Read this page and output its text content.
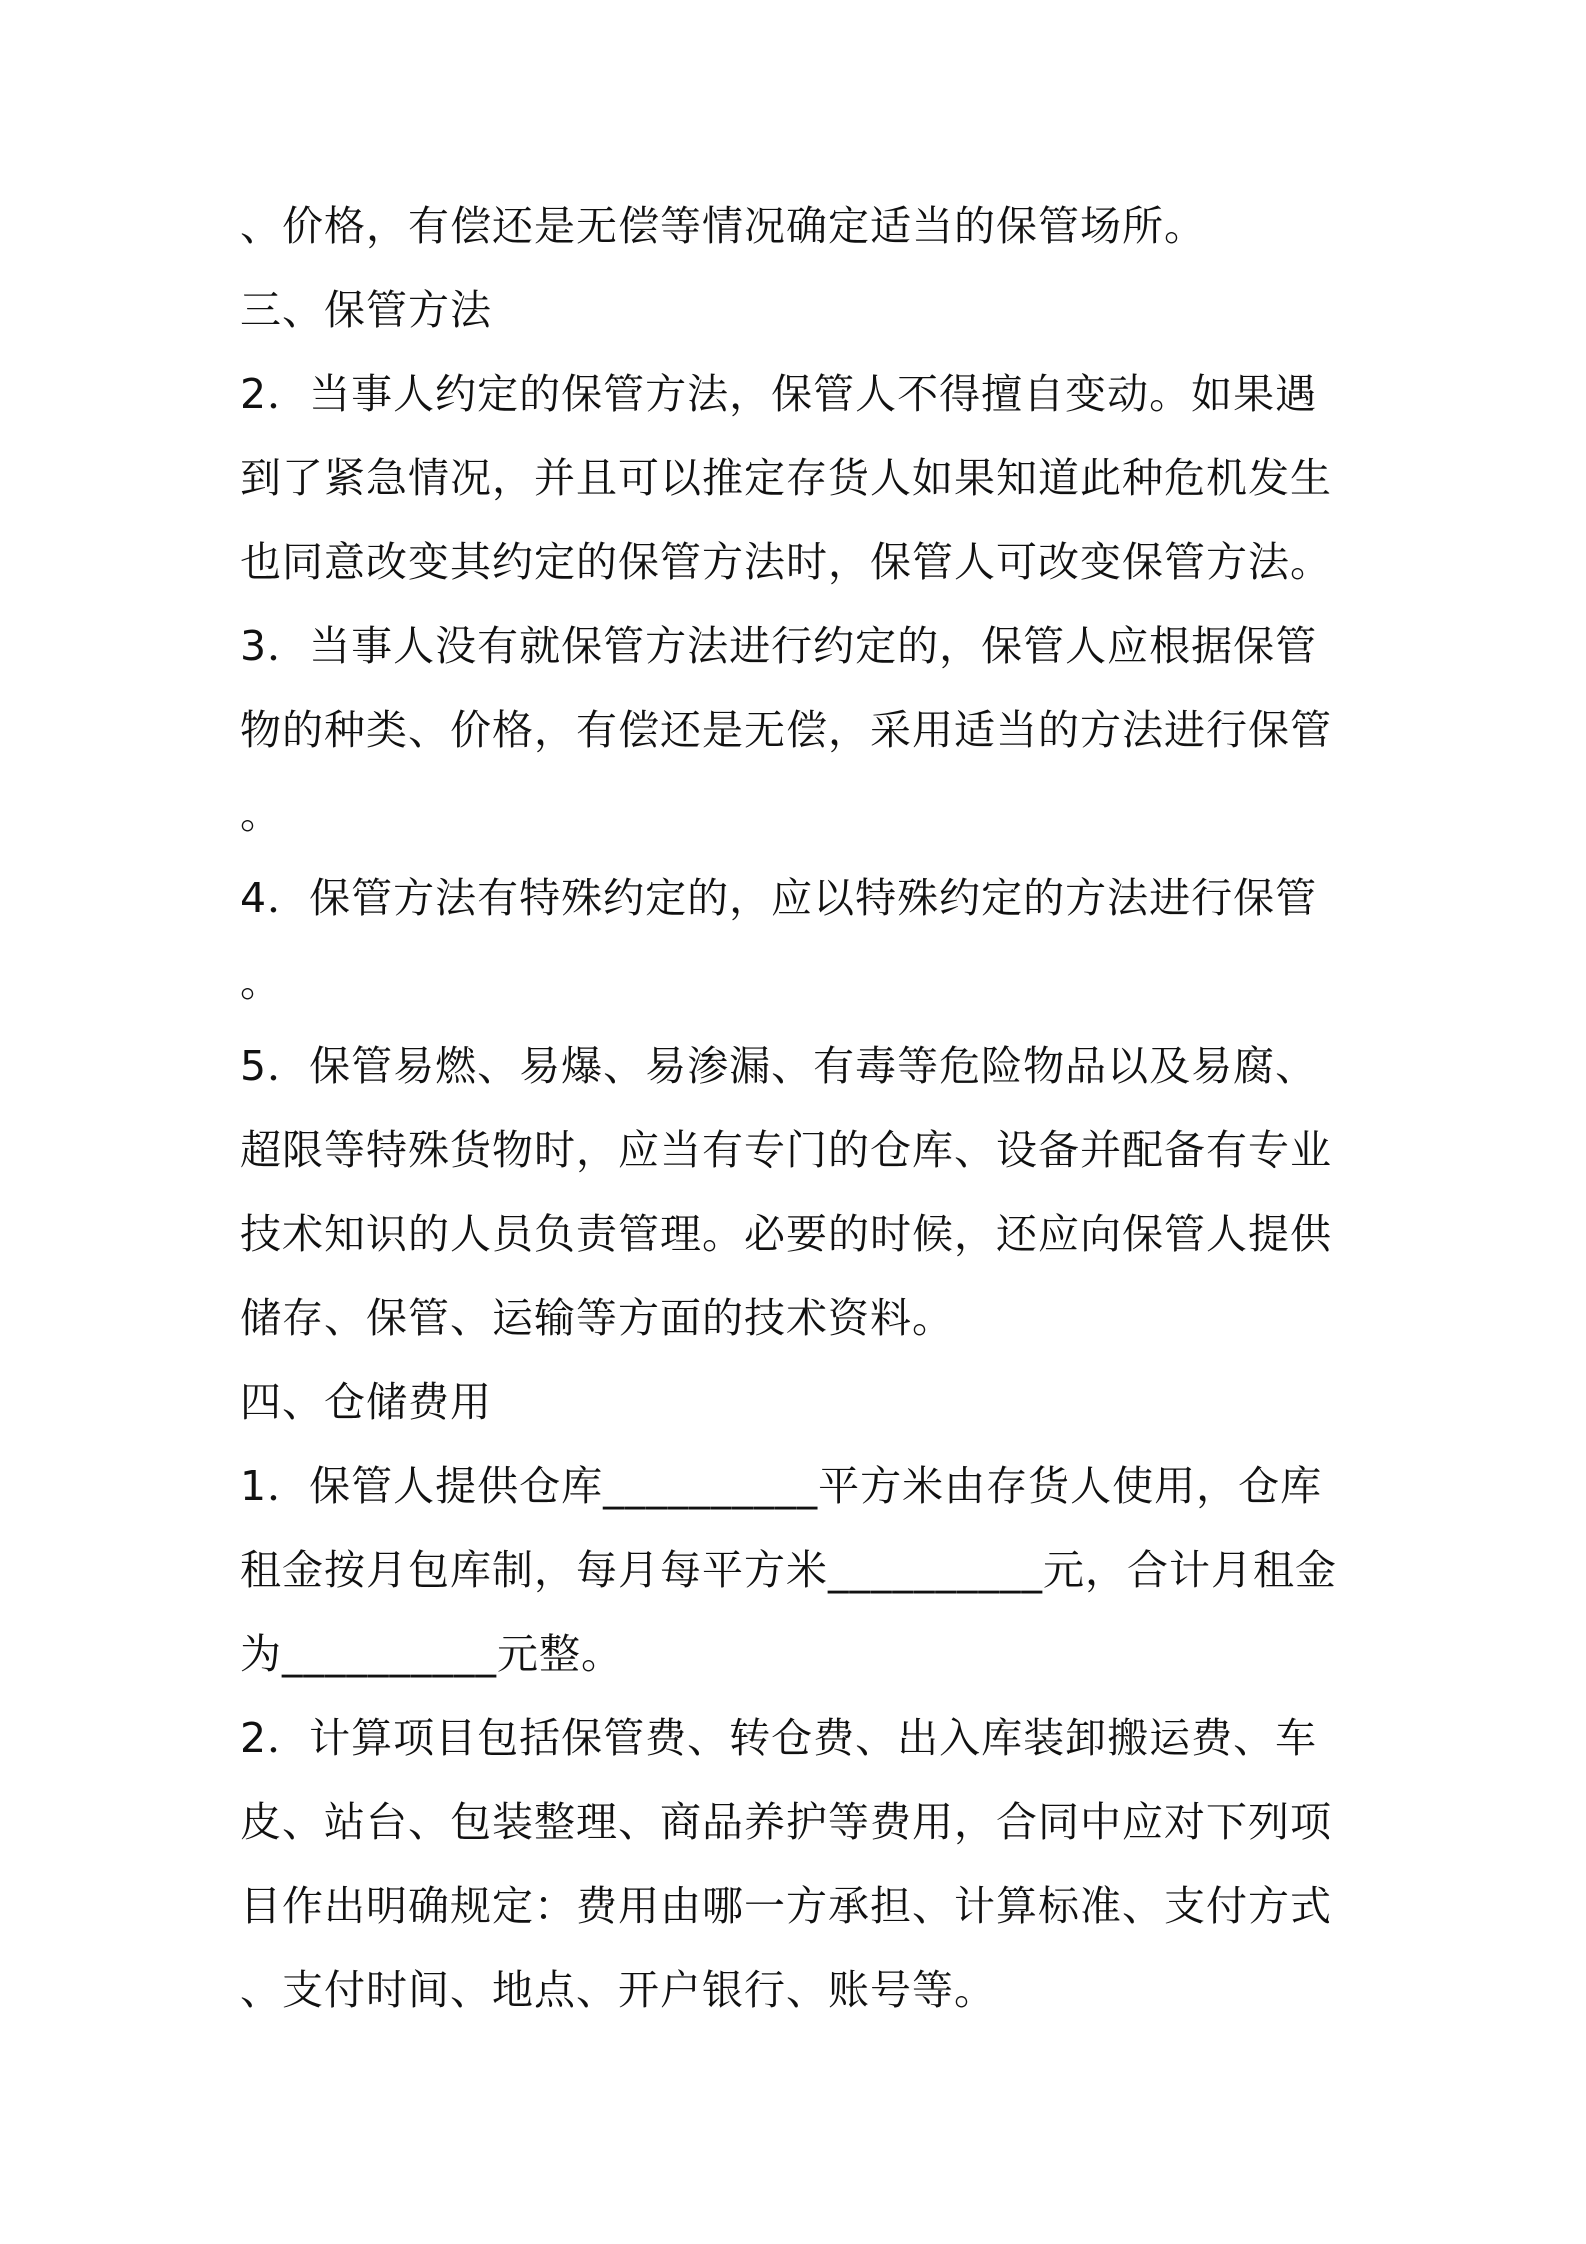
、价格，有偿还是无偿等情况确定适当的保管场所。
三、保管方法
2．当事人约定的保管方法，保管人不得擅自变动。如果遇
到了紧急情况，并且可以推定存货人如果知道此种危机发生
也同意改变其约定的保管方法时，保管人可改变保管方法。
3．当事人没有就保管方法进行约定的，保管人应根据保管
物的种类、价格，有偿还是无偿，采用适当的方法进行保管
。
4．保管方法有特殊约定的，应以特殊约定的方法进行保管
。
5．保管易燃、易爆、易渗漏、有毒等危险物品以及易腐、
超限等特殊货物时，应当有专门的仓库、设备并配备有专业
技术知识的人员负责管理。必要的时候，还应向保管人提供
储存、保管、运输等方面的技术资料。
四、仓储费用
1．保管人提供仓库__________平方米由存货人使用，仓库
租金按月包库制，每月每平方米__________元，合计月租金
为__________元整。
2．计算项目包括保管费、转仓费、出入库装卸搬运费、车
皮、站台、包装整理、商品养护等费用，合同中应对下列项
目作出明确规定：费用由哪一方承担、计算标准、支付方式
、支付时间、地点、开户银行、账号等。
